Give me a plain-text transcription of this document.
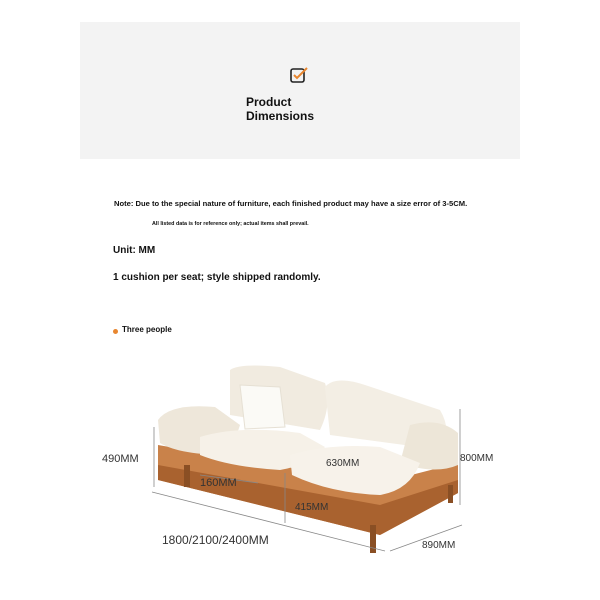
Product
Dimensions
Note: Due to the special nature of furniture, each finished product may have a size error of 3-5CM.
All listed data is for reference only; actual items shall prevail.
Unit: MM
1 cushion per seat; style shipped randomly.
Three people
490MM	800MM
630MM
160MM
415MM
1800/2100/2400MM	890MM
